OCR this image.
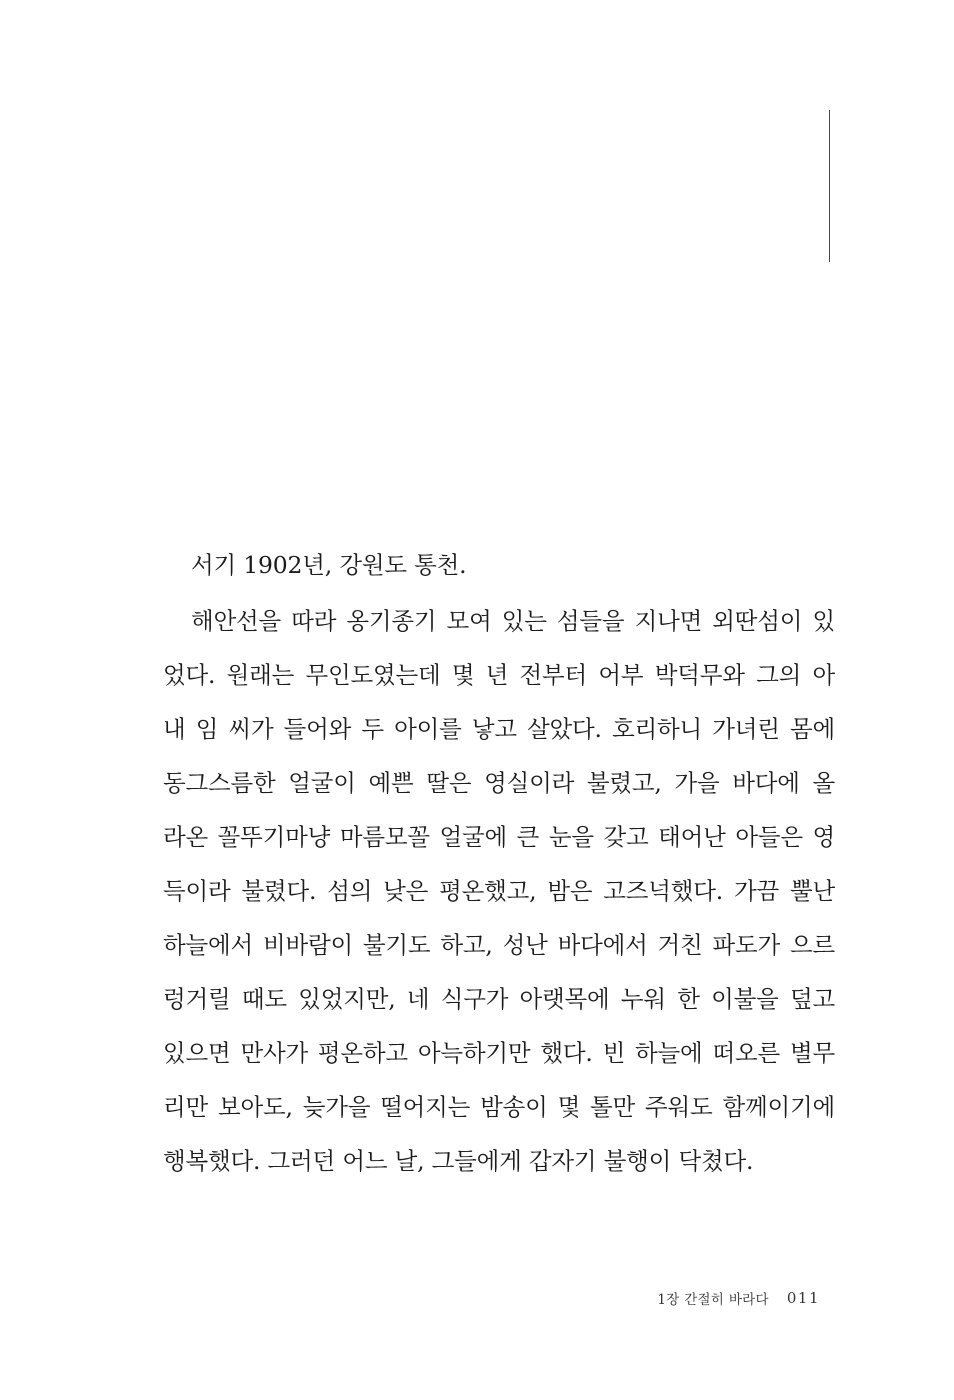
서기 1902년, 강원도 통천.
해안선을 따라 옹기종기 모여 있는 섬들을 지나면 외딴섬이 있
었다. 원래는 무인도였는데 몇 년 전부터 어부 박덕무와 그의 아
내 임 씨가 들어와 두 아이를 낳고 살았다. 호리하니 가녀린 몸에
동그스름한 얼굴이 예쁜 딸은 영실이라 불렸고, 가을 바다에 올
라온 꼴뚜기마냥 마름모꼴 얼굴에 큰 눈을 갖고 태어난 아들은 영
득이라 불렸다. 섬의 낮은 평온했고, 밤은 고즈넉했다. 가끔 뿔난
하늘에서 비바람이 불기도 하고, 성난 바다에서 거친 파도가 으르
렁거릴 때도 있었지만, 네 식구가 아랫목에 누워 한 이불을 덮고
있으면 만사가 평온하고 아늑하기만 했다. 빈 하늘에 떠오른 별무
리만 보아도, 늦가을 떨어지는 밤송이 몇 톨만 주워도 함께이기에
행복했다. 그러던 어느 날, 그들에게 갑자기 불행이 닥쳤다.
1장 간절히 바라다 011
